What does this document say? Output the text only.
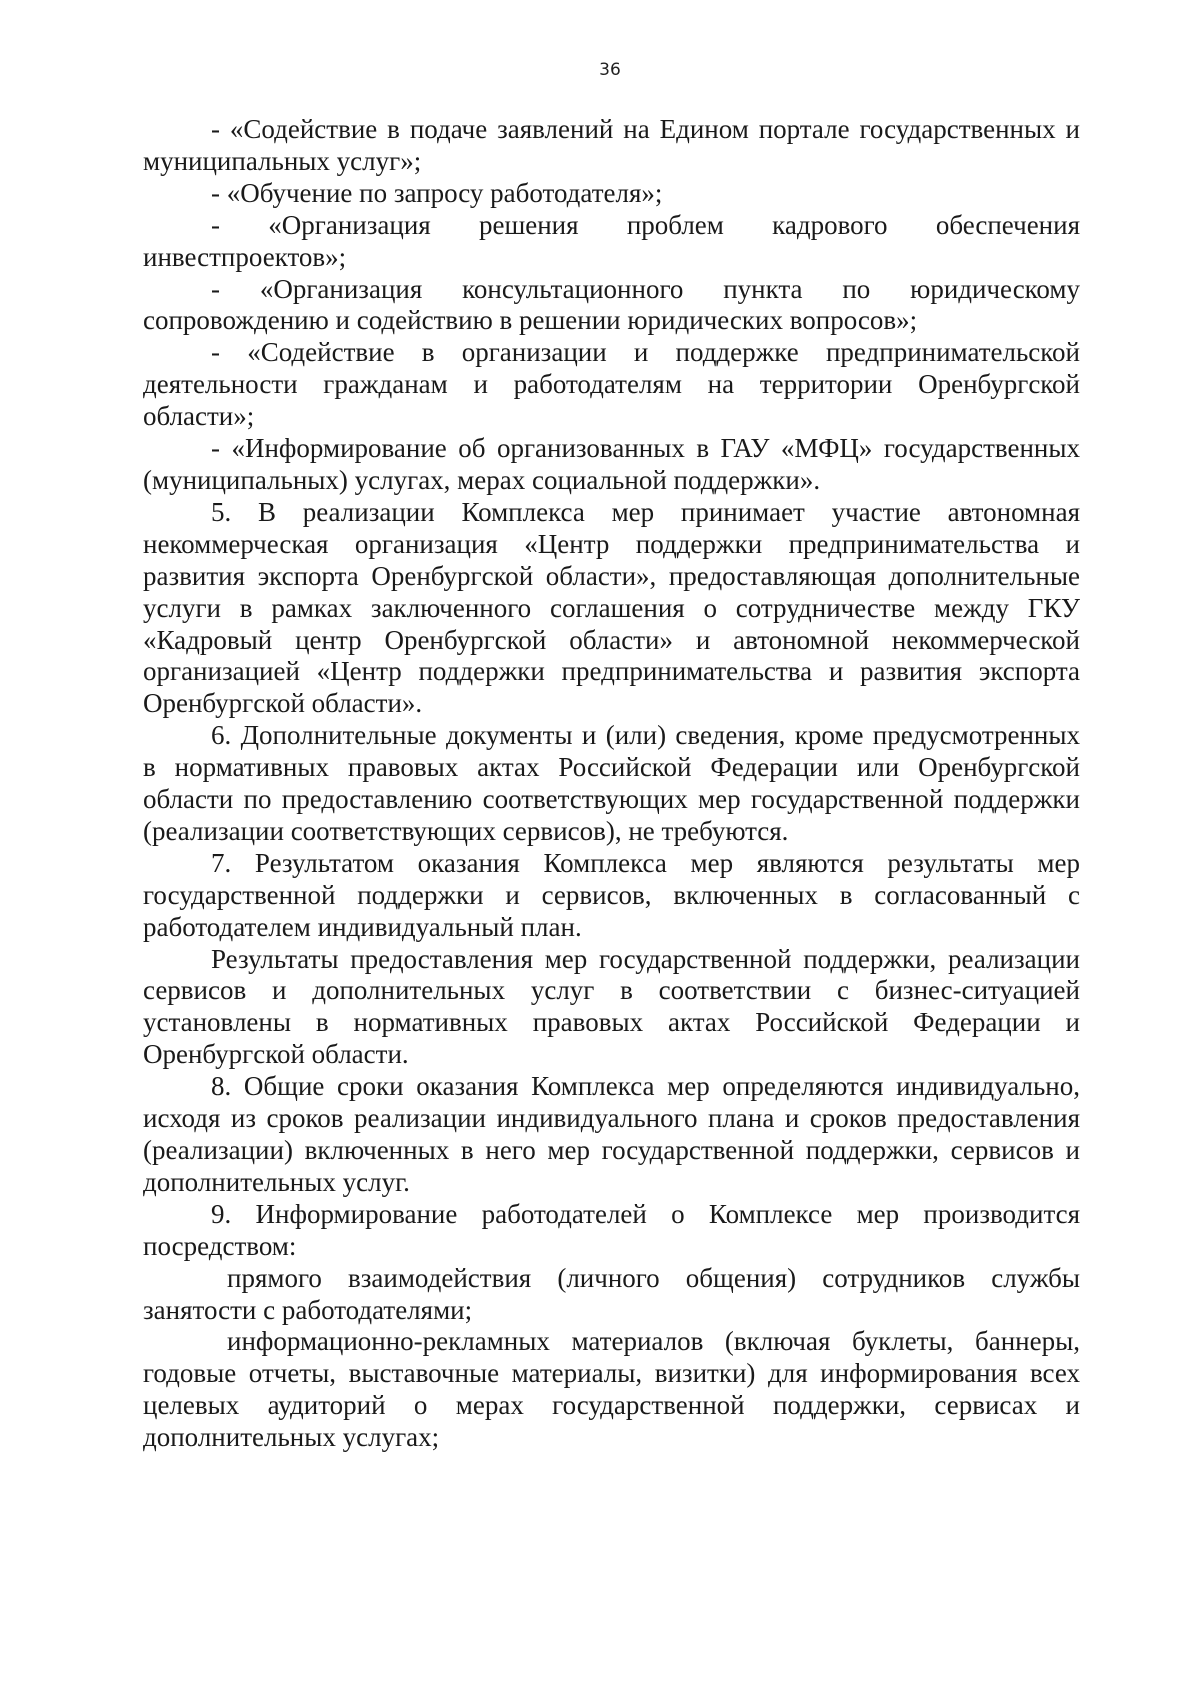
36

- «Содействие в подаче заявлений на Едином портале государственных и муниципальных услуг»;

- «Обучение по запросу работодателя»;

- «Организация решения проблем кадрового обеспечения инвестпроектов»;

- «Организация консультационного пункта по юридическому сопровождению и содействию в решении юридических вопросов»;

- «Содействие в организации и поддержке предпринимательской деятельности гражданам и работодателям на территории Оренбургской области»;

- «Информирование об организованных в ГАУ «МФЦ» государственных (муниципальных) услугах, мерах социальной поддержки».

5. В реализации Комплекса мер принимает участие автономная некоммерческая организация «Центр поддержки предпринимательства и развития экспорта Оренбургской области», предоставляющая дополнительные услуги в рамках заключенного соглашения о сотрудничестве между ГКУ «Кадровый центр Оренбургской области» и автономной некоммерческой организацией «Центр поддержки предпринимательства и развития экспорта Оренбургской области».

6. Дополнительные документы и (или) сведения, кроме предусмотренных в нормативных правовых актах Российской Федерации или Оренбургской области по предоставлению соответствующих мер государственной поддержки (реализации соответствующих сервисов), не требуются.

7. Результатом оказания Комплекса мер являются результаты мер государственной поддержки и сервисов, включенных в согласованный с работодателем индивидуальный план.

Результаты предоставления мер государственной поддержки, реализации сервисов и дополнительных услуг в соответствии с бизнес-ситуацией установлены в нормативных правовых актах Российской Федерации и Оренбургской области.

8. Общие сроки оказания Комплекса мер определяются индивидуально, исходя из сроков реализации индивидуального плана и сроков предоставления (реализации) включенных в него мер государственной поддержки, сервисов и дополнительных услуг.

9. Информирование работодателей о Комплексе мер производится посредством:

прямого взаимодействия (личного общения) сотрудников службы занятости с работодателями;

информационно-рекламных материалов (включая буклеты, баннеры, годовые отчеты, выставочные материалы, визитки) для информирования всех целевых аудиторий о мерах государственной поддержки, сервисах и дополнительных услугах;
